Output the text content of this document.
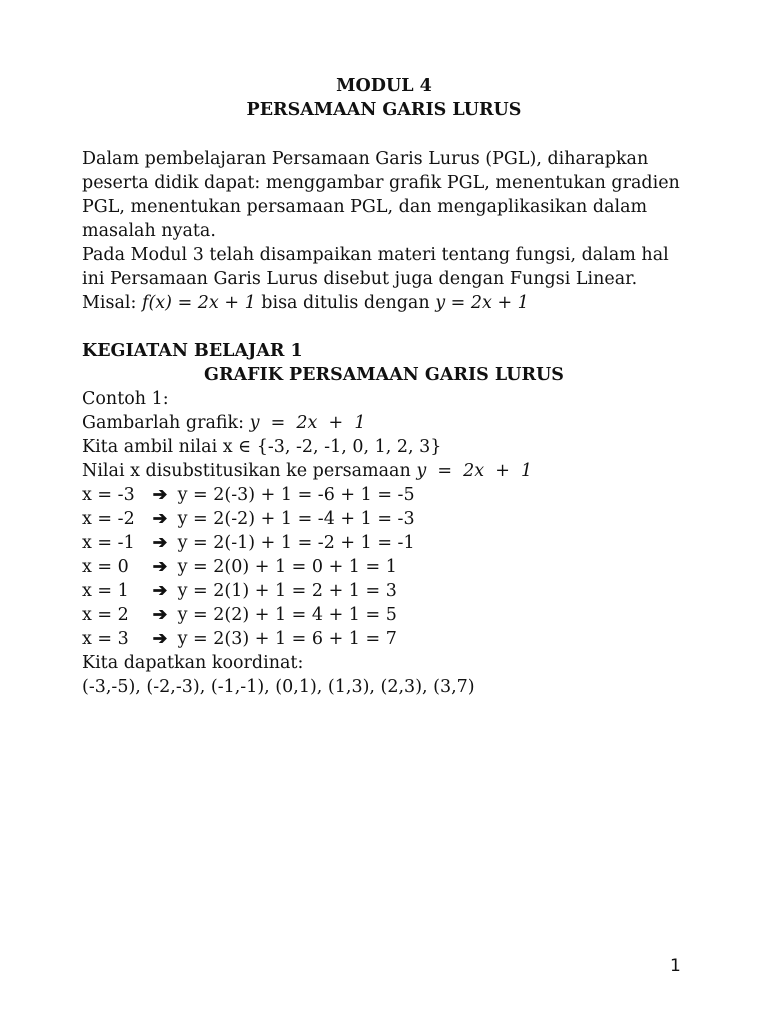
MODUL 4
PERSAMAAN GARIS LURUS
Dalam pembelajaran Persamaan Garis Lurus (PGL), diharapkan
peserta didik dapat: menggambar grafik PGL, menentukan gradien
PGL, menentukan persamaan PGL, dan mengaplikasikan dalam
masalah nyata.
Pada Modul 3 telah disampaikan materi tentang fungsi, dalam hal
ini Persamaan Garis Lurus disebut juga dengan Fungsi Linear.
Misal: f(x) = 2x + 1 bisa ditulis dengan y = 2x + 1
KEGIATAN BELAJAR 1
GRAFIK PERSAMAAN GARIS LURUS
Contoh 1:
Gambarlah grafik: y  =  2x  +  1
Kita ambil nilai x ∈ {-3, -2, -1, 0, 1, 2, 3}
Nilai x disubstitusikan ke persamaan y  =  2x  +  1
x = -3 ➔ y = 2(-3) + 1 = -6 + 1 = -5
x = -2 ➔ y = 2(-2) + 1 = -4 + 1 = -3
x = -1 ➔ y = 2(-1) + 1 = -2 + 1 = -1
x = 0 ➔ y = 2(0) + 1 = 0 + 1 = 1
x = 1 ➔ y = 2(1) + 1 = 2 + 1 = 3
x = 2 ➔ y = 2(2) + 1 = 4 + 1 = 5
x = 3 ➔ y = 2(3) + 1 = 6 + 1 = 7
Kita dapatkan koordinat:
(-3,-5), (-2,-3), (-1,-1), (0,1), (1,3), (2,3), (3,7)
1
